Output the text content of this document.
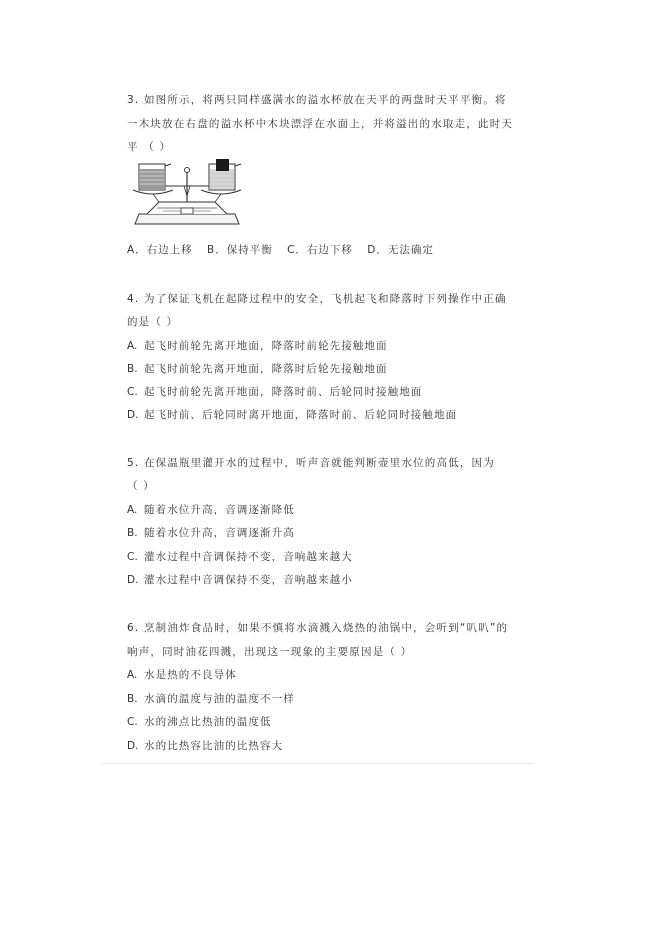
3. 如图所示，将两只同样盛满水的溢水杯放在天平的两盘时天平平衡。将
一木块放在右盘的溢水杯中木块漂浮在水面上，并将溢出的水取走，此时天
平 （ ）
A．右边上移 B．保持平衡 C．右边下移 D．无法确定
4. 为了保证飞机在起降过程中的安全，飞机起飞和降落时下列操作中正确
的是（ ）
A. 起飞时前轮先离开地面，降落时前轮先接触地面
B. 起飞时前轮先离开地面，降落时后轮先接触地面
C. 起飞时前轮先离开地面，降落时前、后轮同时接触地面
D. 起飞时前、后轮同时离开地面，降落时前、后轮同时接触地面
5. 在保温瓶里灌开水的过程中，听声音就能判断壶里水位的高低，因为
（ ）
A. 随着水位升高，音调逐渐降低
B. 随着水位升高，音调逐渐升高
C. 灌水过程中音调保持不变，音响越来越大
D. 灌水过程中音调保持不变，音响越来越小
6. 烹制油炸食品时，如果不慎将水滴溅入烧热的油锅中，会听到“叭叭”的
响声，同时油花四溅，出现这一现象的主要原因是（ ）
A. 水是热的不良导体
B. 水滴的温度与油的温度不一样
C. 水的沸点比热油的温度低
D. 水的比热容比油的比热容大
